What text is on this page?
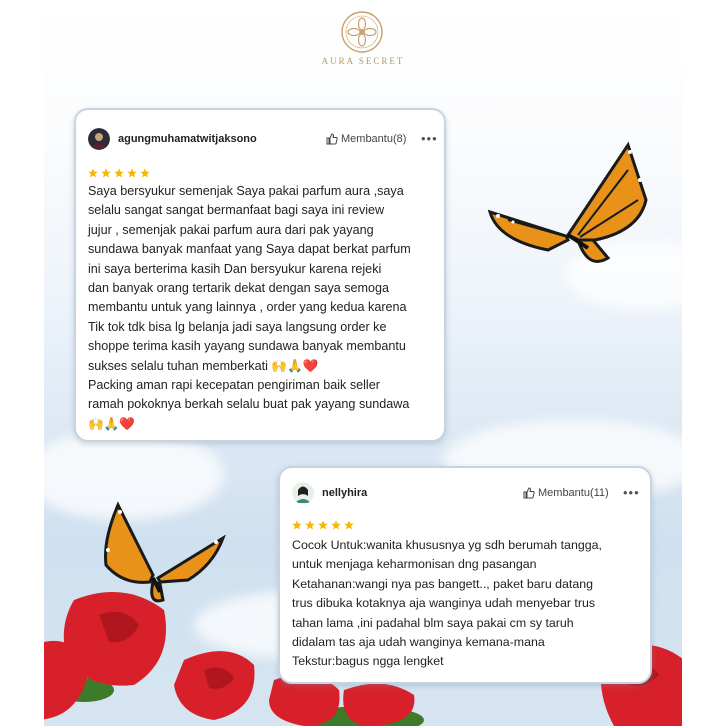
AURA SECRET
agungmuhamatwitjaksono	Membantu(8) •••
Saya bersyukur semenjak Saya pakai parfum aura ,saya
selalu sangat sangat bermanfaat bagi saya ini review
jujur , semenjak pakai parfum aura dari pak yayang
sundawa banyak manfaat yang Saya dapat berkat parfum
ini saya berterima kasih Dan bersyukur karena rejeki
dan banyak orang tertarik dekat dengan saya semoga
membantu untuk yang lainnya , order yang kedua karena
Tik tok tdk bisa lg belanja jadi saya langsung order ke
shoppe terima kasih yayang sundawa banyak membantu
sukses selalu tuhan memberkati 🙌🙏❤️
Packing aman rapi kecepatan pengiriman baik seller
ramah pokoknya berkah selalu buat pak yayang sundawa
🙌🙏❤️
nellyhira	Membantu(11) •••
Cocok Untuk:wanita khususnya yg sdh berumah tangga,
untuk menjaga keharmonisan dng pasangan
Ketahanan:wangi nya pas bangett.., paket baru datang
trus dibuka kotaknya aja wanginya udah menyebar trus
tahan lama ,ini padahal blm saya pakai cm sy taruh
didalam tas aja udah wanginya kemana-mana
Tekstur:bagus ngga lengket
